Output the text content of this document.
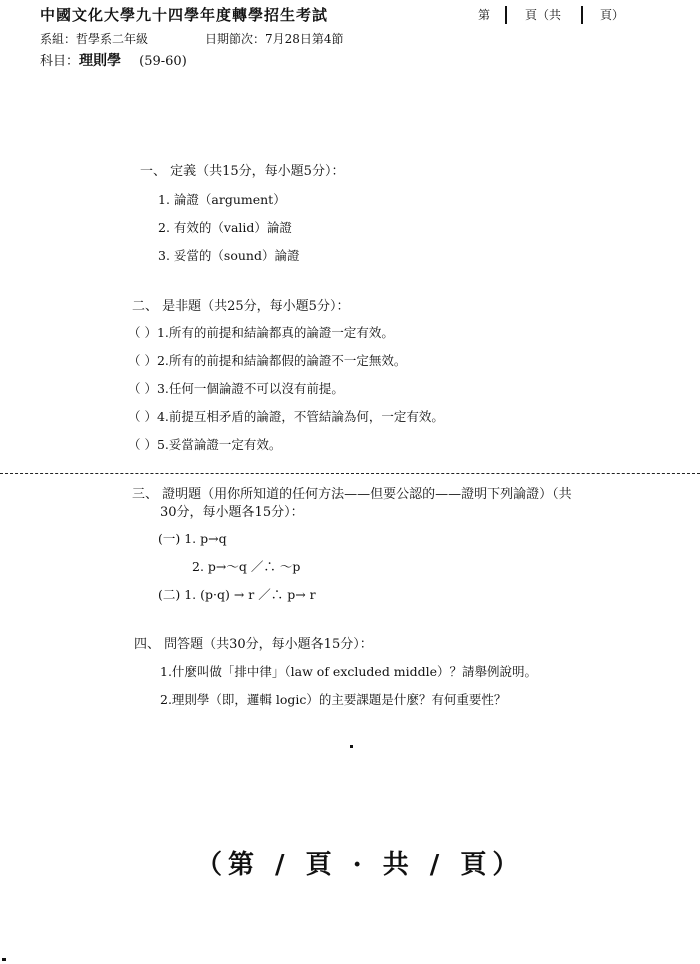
中國文化大學九十四學年度轉學招生考試	第	頁（共	頁）
系組：哲學系二年級	日期節次：7月28日第4節
科目：理則學 (59-60)
一、 定義（共15分，每小題5分）：
1. 論證（argument）
2. 有效的（valid）論證
3. 妥當的（sound）論證
二、 是非題（共25分，每小題5分）：
（ ）1.所有的前提和結論都真的論證一定有效。
（ ）2.所有的前提和結論都假的論證不一定無效。
（ ）3.任何一個論證不可以沒有前提。
（ ）4.前提互相矛盾的論證，不管結論為何，一定有效。
（ ）5.妥當論證一定有效。
三、 證明題（用你所知道的任何方法——但要公認的——證明下列論證）（共
30分，每小題各15分）：
(一) 1. p→q
2. p→～q ／∴ ～p
(二) 1. (p·q) → r ／∴ p→ r
四、 問答題（共30分，每小題各15分）：
1.什麼叫做「排中律」（law of excluded middle）？請舉例說明。
2.理則學（即，邏輯 logic）的主要課題是什麼？有何重要性？
（第 / 頁 · 共 / 頁）
